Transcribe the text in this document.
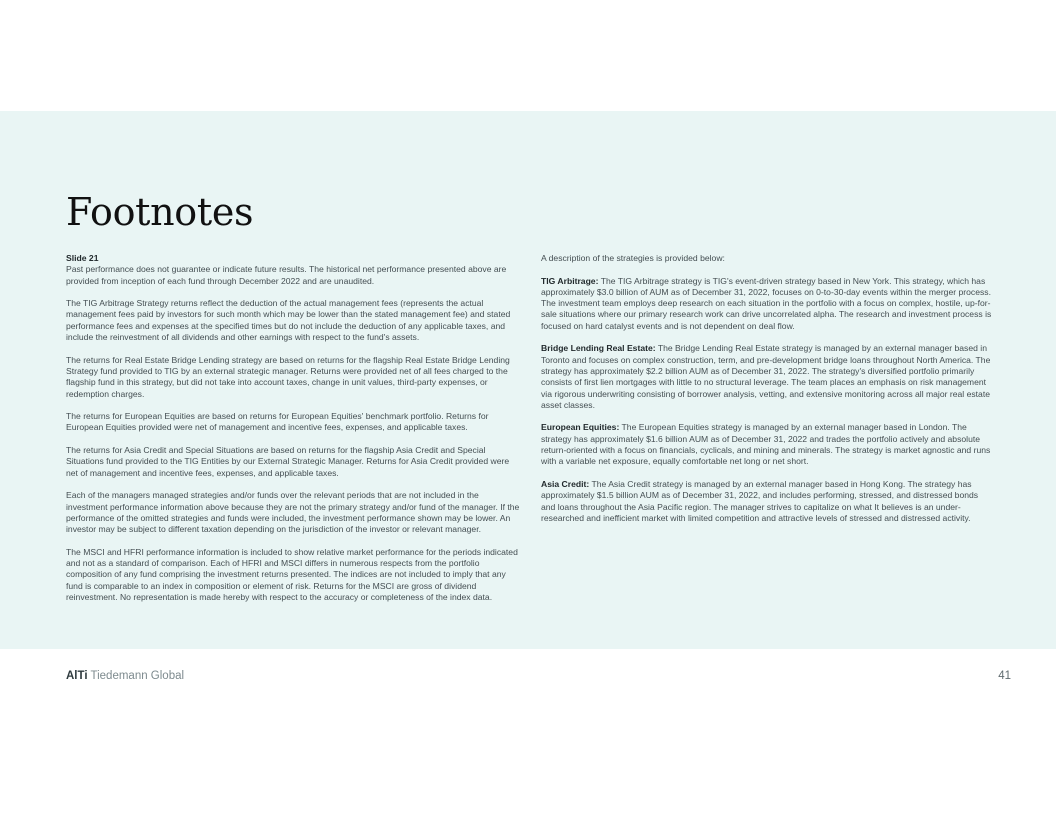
Footnotes

Slide 21
Past performance does not guarantee or indicate future results. The historical net performance presented above are provided from inception of each fund through December 2022 and are unaudited.

The TIG Arbitrage Strategy returns reflect the deduction of the actual management fees (represents the actual management fees paid by investors for such month which may be lower than the stated management fee) and stated performance fees and expenses at the specified times but do not include the deduction of any applicable taxes, and include the reinvestment of all dividends and other earnings with respect to the fund's assets.

The returns for Real Estate Bridge Lending strategy are based on returns for the flagship Real Estate Bridge Lending Strategy fund provided to TIG by an external strategic manager. Returns were provided net of all fees charged to the flagship fund in this strategy, but did not take into account taxes, change in unit values, third-party expenses, or redemption charges.

The returns for European Equities are based on returns for European Equities' benchmark portfolio. Returns for European Equities provided were net of management and incentive fees, expenses, and applicable taxes.

The returns for Asia Credit and Special Situations are based on returns for the flagship Asia Credit and Special Situations fund provided to the TIG Entities by our External Strategic Manager. Returns for Asia Credit provided were net of management and incentive fees, expenses, and applicable taxes.

Each of the managers managed strategies and/or funds over the relevant periods that are not included in the investment performance information above because they are not the primary strategy and/or fund of the manager. If the performance of the omitted strategies and funds were included, the investment performance shown may be lower. An investor may be subject to different taxation depending on the jurisdiction of the investor or relevant manager.

The MSCI and HFRI performance information is included to show relative market performance for the periods indicated and not as a standard of comparison. Each of HFRI and MSCI differs in numerous respects from the portfolio composition of any fund comprising the investment returns presented. The indices are not included to imply that any fund is comparable to an index in composition or element of risk. Returns for the MSCI are gross of dividend reinvestment. No representation is made hereby with respect to the accuracy or completeness of the index data.

A description of the strategies is provided below:

TIG Arbitrage: The TIG Arbitrage strategy is TIG's event-driven strategy based in New York. This strategy, which has approximately $3.0 billion of AUM as of December 31, 2022, focuses on 0-to-30-day events within the merger process. The investment team employs deep research on each situation in the portfolio with a focus on complex, hostile, up-for-sale situations where our primary research work can drive uncorrelated alpha. The research and investment process is focused on hard catalyst events and is not dependent on deal flow.

Bridge Lending Real Estate: The Bridge Lending Real Estate strategy is managed by an external manager based in Toronto and focuses on complex construction, term, and pre-development bridge loans throughout North America. The strategy has approximately $2.2 billion AUM as of December 31, 2022. The strategy's diversified portfolio primarily consists of first lien mortgages with little to no structural leverage. The team places an emphasis on risk management via rigorous underwriting consisting of borrower analysis, vetting, and extensive monitoring across all major real estate asset classes.

European Equities: The European Equities strategy is managed by an external manager based in London. The strategy has approximately $1.6 billion AUM as of December 31, 2022 and trades the portfolio actively and absolute return-oriented with a focus on financials, cyclicals, and mining and minerals. The strategy is market agnostic and runs with a variable net exposure, equally comfortable net long or net short.

Asia Credit: The Asia Credit strategy is managed by an external manager based in Hong Kong. The strategy has approximately $1.5 billion AUM as of December 31, 2022, and includes performing, stressed, and distressed bonds and loans throughout the Asia Pacific region. The manager strives to capitalize on what It believes is an under-researched and inefficient market with limited competition and attractive levels of stressed and distressed activity.

AlTi Tiedemann Global	41
